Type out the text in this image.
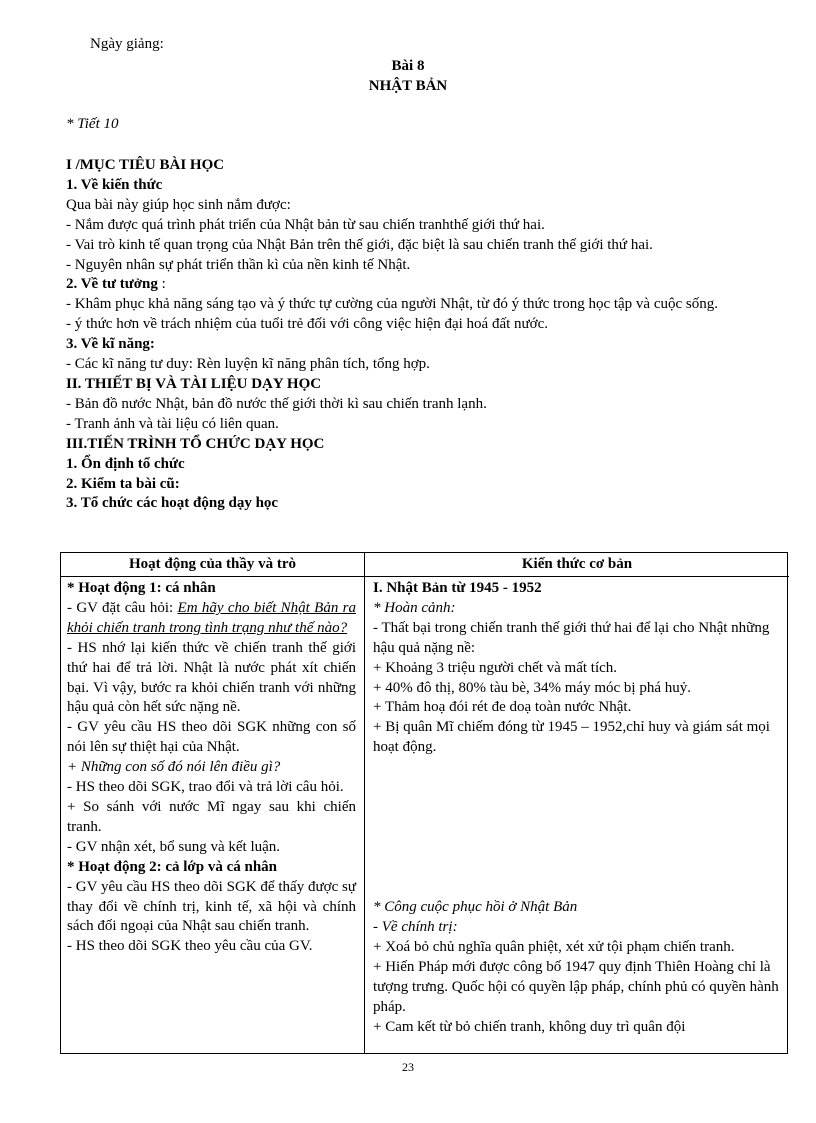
Ngày giảng:
Bài 8
NHẬT BẢN
* Tiết 10
I /MỤC TIÊU BÀI HỌC
1. Về kiến thức
Qua bài này giúp học sinh nắm được:
- Nắm được quá trình phát triển của Nhật bản từ sau chiến tranhthế giới thứ hai.
- Vai trò kinh tế quan trọng của Nhật Bản trên thế giới, đặc biệt là sau chiến tranh thế giới thứ hai.
- Nguyên nhân sự phát triển thần kì của nền kinh tế Nhật.
2. Về tư tưởng :
- Khâm phục khả năng sáng tạo và ý thức tự cường của người Nhật, từ đó ý thức trong học tập và cuộc sống.
- ý thức hơn về trách nhiệm của tuổi trẻ đối với công việc hiện đại hoá đất nước.
3. Về kĩ năng:
- Các kĩ năng tư duy: Rèn luyện kĩ năng phân tích, tổng hợp.
II. THIẾT BỊ VÀ TÀI LIỆU DẠY HỌC
- Bản đồ nước Nhật, bản đồ nước thế giới thời kì sau chiến tranh lạnh.
- Tranh ảnh và tài liệu có liên quan.
III.TIẾN TRÌNH TỔ CHỨC DẠY HỌC
1. Ổn định tổ chức
2. Kiểm ta bài cũ:
3. Tổ chức các hoạt động dạy học
Hoạt động của thầy và trò	Kiến thức cơ bản

* Hoạt động 1: cá nhân

- GV đặt câu hỏi: Em hãy cho biết Nhật Bản ra khỏi chiến tranh trong tình trạng như thế nào?

- HS nhớ lại kiến thức về chiến tranh thế giới thứ hai để trả lời. Nhật là nước phát xít chiến bại. Vì vậy, bước ra khỏi chiến tranh với những hậu quả còn hết sức nặng nề.

- GV yêu cầu HS theo dõi SGK những con số nói lên sự thiệt hại của Nhật.

+ Những con số đó nói lên điều gì?

- HS theo dõi SGK, trao đổi và trả lời câu hỏi.

+ So sánh với nước Mĩ ngay sau khi chiến tranh.

- GV nhận xét, bổ sung và kết luận.

* Hoạt động 2: cả lớp và cá nhân

- GV yêu cầu HS theo dõi SGK để thấy được sự thay đổi về chính trị, kinh tế, xã hội và chính sách đối ngoại của Nhật sau chiến tranh.

- HS theo dõi SGK theo yêu cầu của GV.

I. Nhật Bản từ 1945 - 1952

* Hoàn cảnh:

- Thất bại trong chiến tranh thế giới thứ hai để lại cho Nhật những hậu quả nặng nề:

+ Khoảng 3 triệu người chết và mất tích.

+ 40% đô thị, 80% tàu bè, 34% máy móc bị phá huỷ.

+ Thảm hoạ đói rét đe doạ toàn nước Nhật.

+ Bị quân Mĩ chiếm đóng từ 1945 – 1952,chỉ huy và giám sát mọi hoạt động.

* Công cuộc phục hồi ở Nhật Bản

- Về chính trị:

+ Xoá bỏ chủ nghĩa quân phiệt, xét xử tội phạm chiến tranh.

+ Hiến Pháp mới được công bố 1947 quy định Thiên Hoàng chỉ là tượng trưng. Quốc hội có quyền lập pháp, chính phủ có quyền hành pháp.

+ Cam kết từ bỏ chiến tranh, không duy trì quân đội

23
